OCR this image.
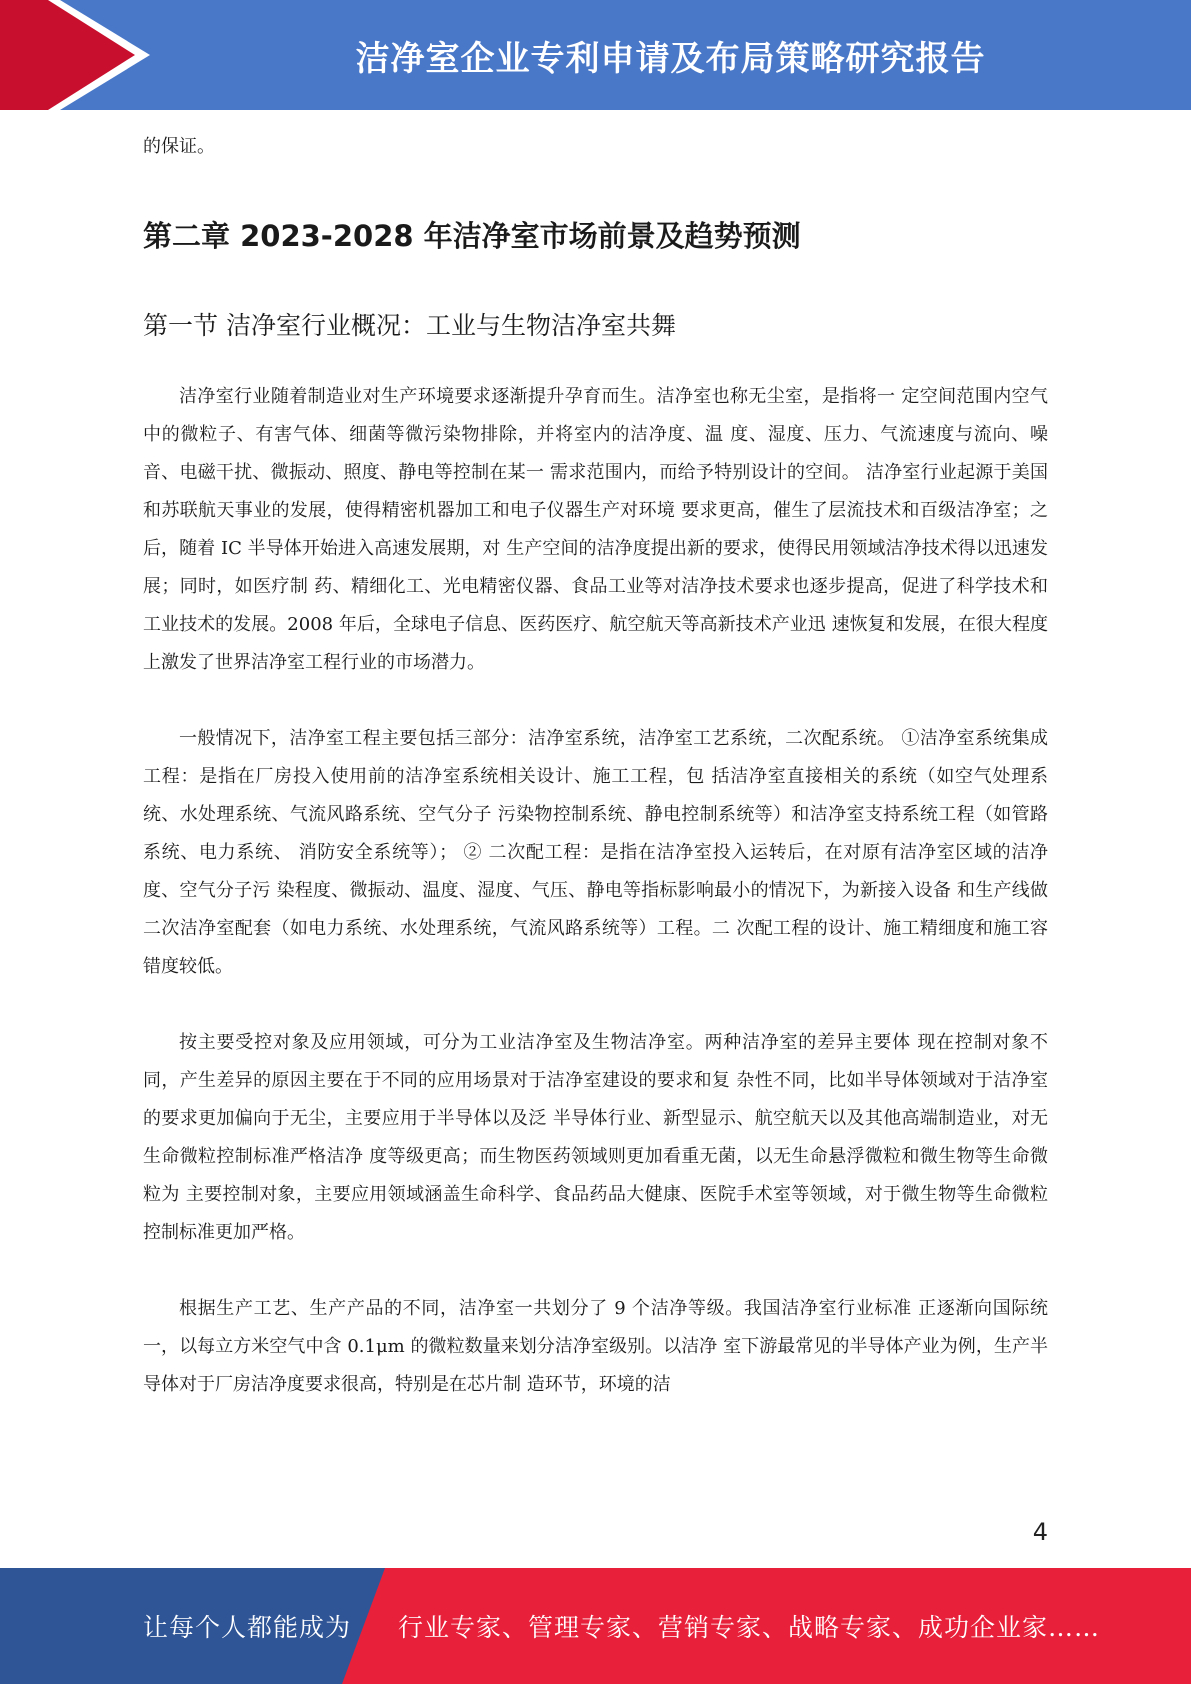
洁净室企业专利申请及布局策略研究报告

的保证。

第二章 2023-2028 年洁净室市场前景及趋势预测
第一节 洁净室行业概况：工业与生物洁净室共舞

洁净室行业随着制造业对生产环境要求逐渐提升孕育而生。洁净室也称无尘室，是指将一 定空间范围内空气中的微粒子、有害气体、细菌等微污染物排除，并将室内的洁净度、温 度、湿度、压力、气流速度与流向、噪音、电磁干扰、微振动、照度、静电等控制在某一 需求范围内，而给予特别设计的空间。 洁净室行业起源于美国和苏联航天事业的发展，使得精密机器加工和电子仪器生产对环境 要求更高，催生了层流技术和百级洁净室；之后，随着 IC 半导体开始进入高速发展期，对 生产空间的洁净度提出新的要求，使得民用领域洁净技术得以迅速发展；同时，如医疗制 药、精细化工、光电精密仪器、食品工业等对洁净技术要求也逐步提高，促进了科学技术和工业技术的发展。2008 年后，全球电子信息、医药医疗、航空航天等高新技术产业迅 速恢复和发展，在很大程度上激发了世界洁净室工程行业的市场潜力。

一般情况下，洁净室工程主要包括三部分：洁净室系统，洁净室工艺系统，二次配系统。 ①洁净室系统集成工程：是指在厂房投入使用前的洁净室系统相关设计、施工工程，包 括洁净室直接相关的系统（如空气处理系统、水处理系统、气流风路系统、空气分子 污染物控制系统、静电控制系统等）和洁净室支持系统工程（如管路系统、电力系统、 消防安全系统等）； ② 二次配工程：是指在洁净室投入运转后，在对原有洁净室区域的洁净度、空气分子污 染程度、微振动、温度、湿度、气压、静电等指标影响最小的情况下，为新接入设备 和生产线做二次洁净室配套（如电力系统、水处理系统，气流风路系统等）工程。二 次配工程的设计、施工精细度和施工容错度较低。

按主要受控对象及应用领域，可分为工业洁净室及生物洁净室。两种洁净室的差异主要体 现在控制对象不同，产生差异的原因主要在于不同的应用场景对于洁净室建设的要求和复 杂性不同，比如半导体领域对于洁净室的要求更加偏向于无尘，主要应用于半导体以及泛 半导体行业、新型显示、航空航天以及其他高端制造业，对无生命微粒控制标准严格洁净 度等级更高；而生物医药领域则更加看重无菌，以无生命悬浮微粒和微生物等生命微粒为 主要控制对象，主要应用领域涵盖生命科学、食品药品大健康、医院手术室等领域，对于微生物等生命微粒控制标准更加严格。

根据生产工艺、生产产品的不同，洁净室一共划分了 9 个洁净等级。我国洁净室行业标准 正逐渐向国际统一，以每立方米空气中含 0.1μm 的微粒数量来划分洁净室级别。以洁净 室下游最常见的半导体产业为例，生产半导体对于厂房洁净度要求很高，特别是在芯片制 造环节，环境的洁

4
让每个人都能成为 行业专家、管理专家、营销专家、战略专家、成功企业家……
